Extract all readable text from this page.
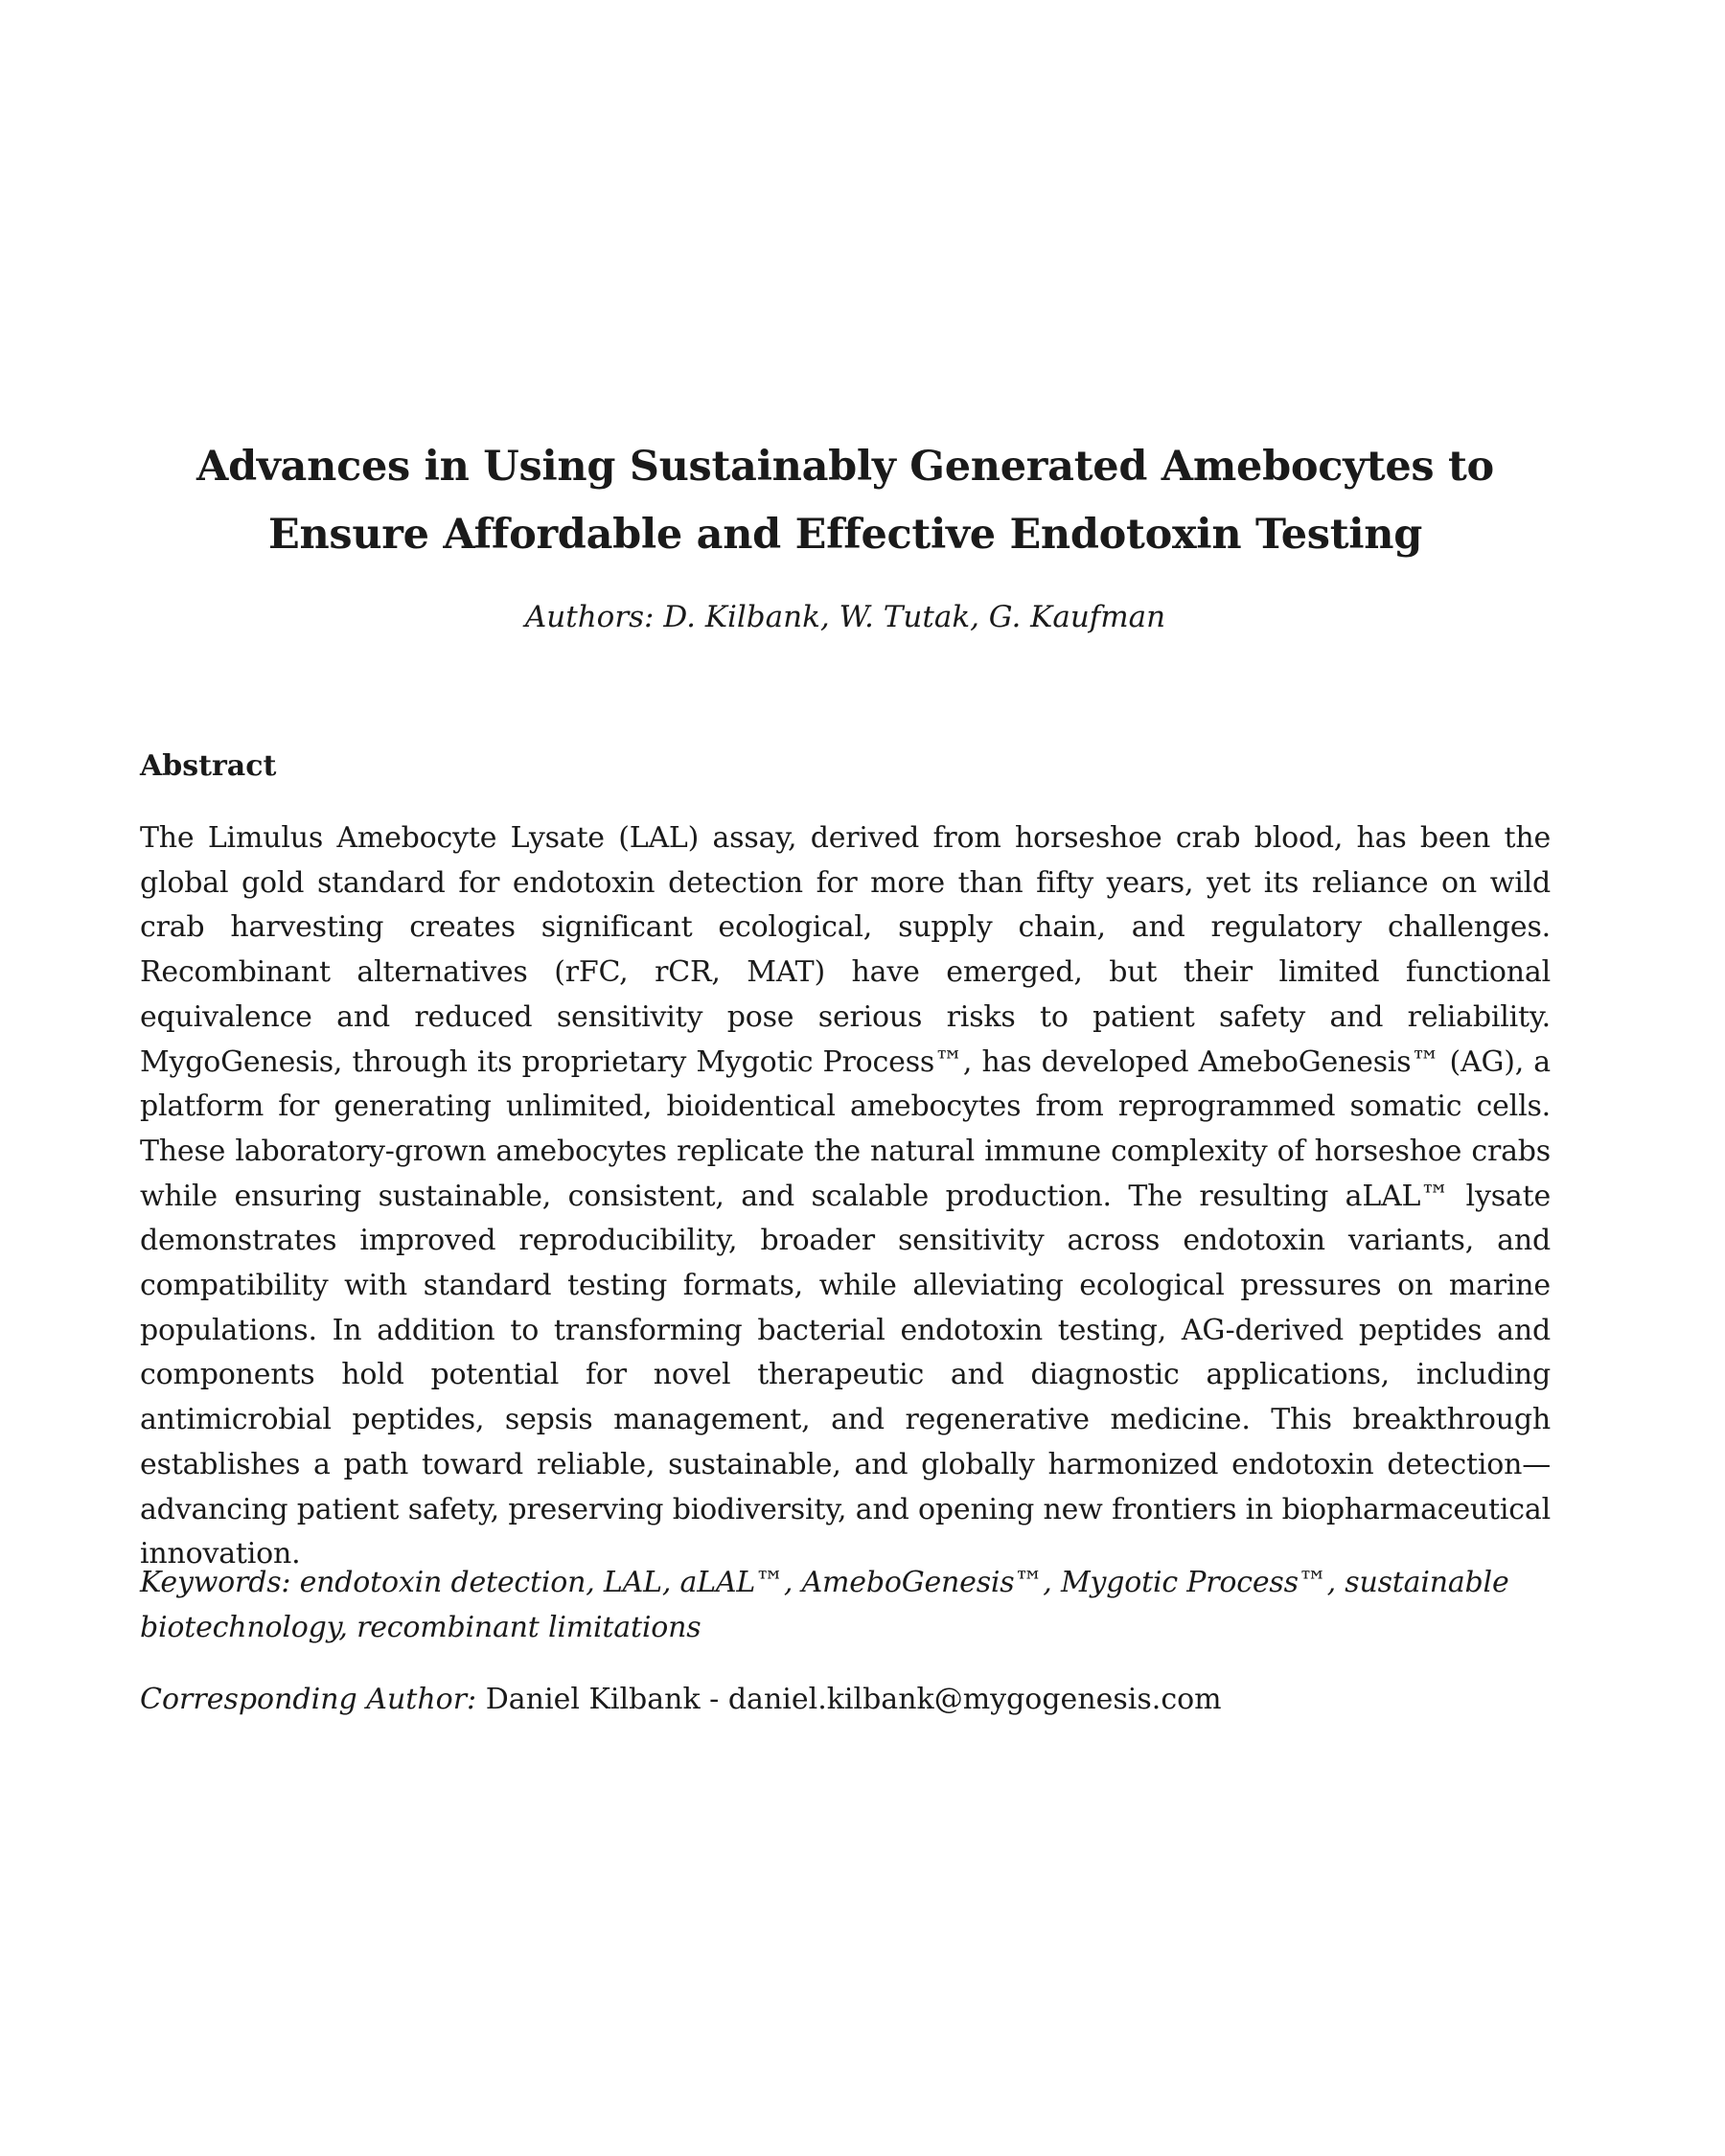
Advances in Using Sustainably Generated Amebocytes to
Ensure Affordable and Effective Endotoxin Testing

Authors: D. Kilbank, W. Tutak, G. Kaufman

Abstract

The Limulus Amebocyte Lysate (LAL) assay, derived from horseshoe crab blood, has been the global gold standard for endotoxin detection for more than fifty years, yet its reliance on wild crab harvesting creates significant ecological, supply chain, and regulatory challenges. Recombinant alternatives (rFC, rCR, MAT) have emerged, but their limited functional equivalence and reduced sensitivity pose serious risks to patient safety and reliability. MygoGenesis, through its proprietary Mygotic Process™, has developed AmeboGenesis™ (AG), a platform for generating unlimited, bioidentical amebocytes from reprogrammed somatic cells. These laboratory-grown amebocytes replicate the natural immune complexity of horseshoe crabs while ensuring sustainable, consistent, and scalable production. The resulting aLAL™ lysate demonstrates improved reproducibility, broader sensitivity across endotoxin variants, and compatibility with standard testing formats, while alleviating ecological pressures on marine populations. In addition to transforming bacterial endotoxin testing, AG-derived peptides and components hold potential for novel therapeutic and diagnostic applications, including antimicrobial peptides, sepsis management, and regenerative medicine. This breakthrough establishes a path toward reliable, sustainable, and globally harmonized endotoxin detection—advancing patient safety, preserving biodiversity, and opening new frontiers in biopharmaceutical innovation.

Keywords: endotoxin detection, LAL, aLAL™, AmeboGenesis™, Mygotic Process™, sustainable biotechnology, recombinant limitations

Corresponding Author: Daniel Kilbank - daniel.kilbank@mygogenesis.com
